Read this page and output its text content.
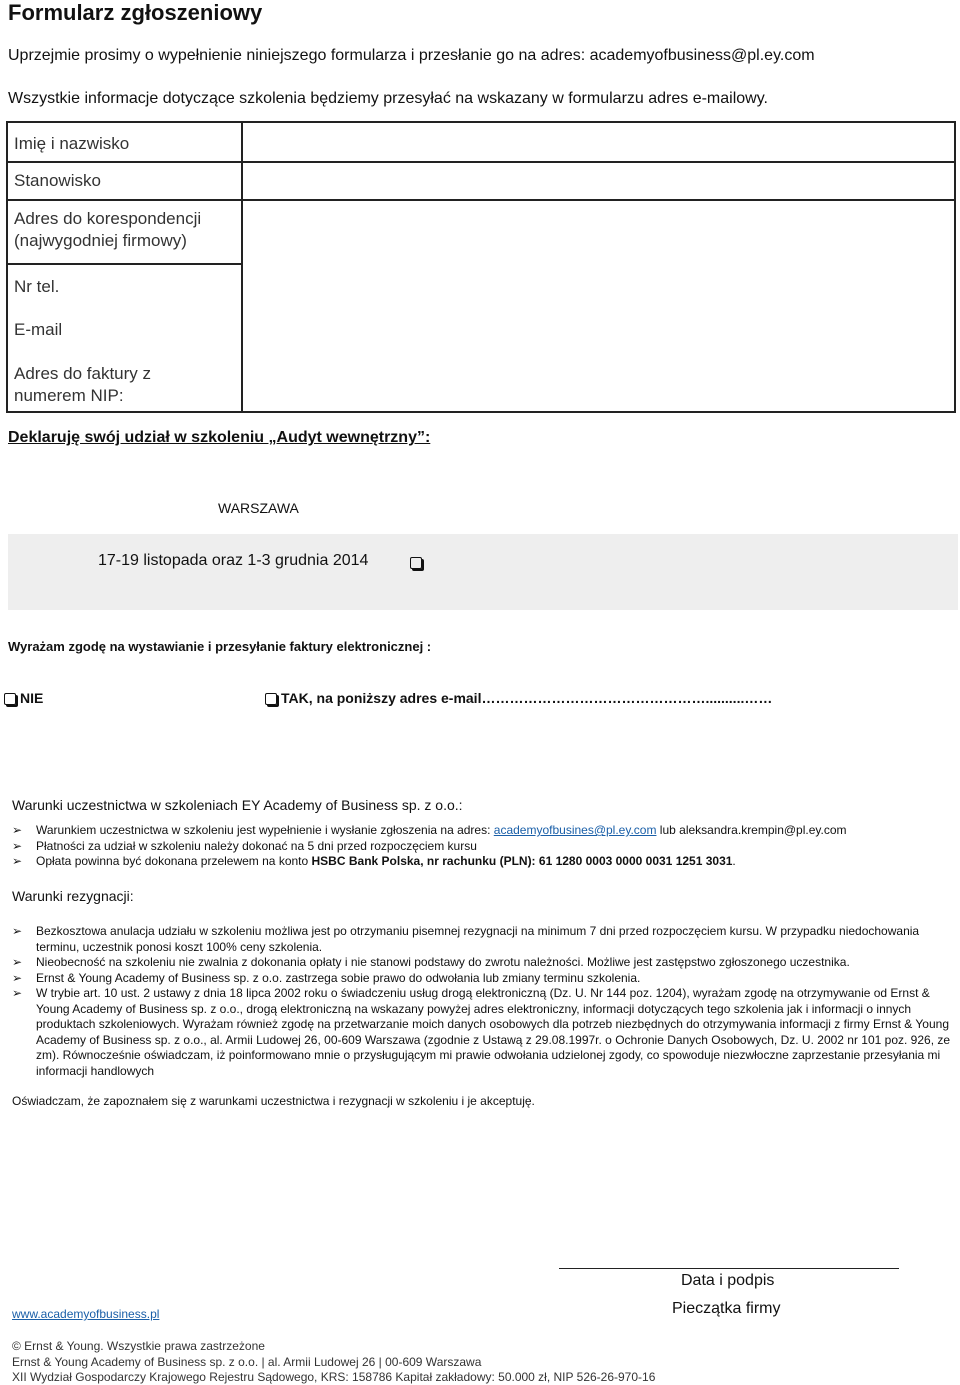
Formularz zgłoszeniowy
Uprzejmie prosimy o wypełnienie niniejszego formularza i przesłanie go na adres: academyofbusiness@pl.ey.com
Wszystkie informacje dotyczące szkolenia będziemy przesyłać na wskazany w formularzu adres e-mailowy.
Imię i nazwisko
Stanowisko
Adres do korespondencji
(najwygodniej firmowy)
Nr tel.
E-mail
Adres do faktury z
numerem NIP:
Deklaruję swój udział w szkoleniu „Audyt wewnętrzny”:
WARSZAWA
17-19 listopada oraz 1-3 grudnia 2014
Wyrażam zgodę na wystawianie i przesyłanie faktury elektronicznej :
NIE	TAK, na poniższy adres e-mail…………………………………………..........……
Warunki uczestnictwa w szkoleniach EY Academy of Business sp. z o.o.:

➢ Warunkiem uczestnictwa w szkoleniu jest wypełnienie i wysłanie zgłoszenia na adres: academyofbusines@pl.ey.com lub aleksandra.krempin@pl.ey.com

➢ Płatności za udział w szkoleniu należy dokonać na 5 dni przed rozpoczęciem kursu

➢ Opłata powinna być dokonana przelewem na konto HSBC Bank Polska, nr rachunku (PLN): 61 1280 0003 0000 0031 1251 3031.

Warunki rezygnacji:

➢ Bezkosztowa anulacja udziału w szkoleniu możliwa jest po otrzymaniu pisemnej rezygnacji na minimum 7 dni przed rozpoczęciem kursu. W przypadku niedochowania terminu, uczestnik ponosi koszt 100% ceny szkolenia.

➢ Nieobecność na szkoleniu nie zwalnia z dokonania opłaty i nie stanowi podstawy do zwrotu należności. Możliwe jest zastępstwo zgłoszonego uczestnika.

➢ Ernst & Young Academy of Business sp. z o.o. zastrzega sobie prawo do odwołania lub zmiany terminu szkolenia.

➢ W trybie art. 10 ust. 2 ustawy z dnia 18 lipca 2002 roku o świadczeniu usług drogą elektroniczną (Dz. U. Nr 144 poz. 1204), wyrażam zgodę na otrzymywanie od Ernst & Young Academy of Business sp. z o.o., drogą elektroniczną na wskazany powyżej adres elektroniczny, informacji dotyczących tego szkolenia jak i informacji o innych produktach szkoleniowych. Wyrażam również zgodę na przetwarzanie moich danych osobowych dla potrzeb niezbędnych do otrzymywania informacji z firmy Ernst & Young Academy of Business sp. z o.o., al. Armii Ludowej 26, 00-609 Warszawa (zgodnie z Ustawą z 29.08.1997r. o Ochronie Danych Osobowych, Dz. U. 2002 nr 101 poz. 926, ze zm). Równocześnie oświadczam, iż poinformowano mnie o przysługującym mi prawie odwołania udzielonej zgody, co spowoduje niezwłoczne zaprzestanie przesyłania mi informacji handlowych

Oświadczam, że zapoznałem się z warunkami uczestnictwa i rezygnacji w szkoleniu i je akceptuję.
Data i podpis
Pieczątka firmy
www.academyofbusiness.pl
© Ernst & Young. Wszystkie prawa zastrzeżone
Ernst & Young Academy of Business sp. z o.o. | al. Armii Ludowej 26 | 00-609 Warszawa
XII Wydział Gospodarczy Krajowego Rejestru Sądowego, KRS: 158786 Kapitał zakładowy: 50.000 zł, NIP 526-26-970-16
